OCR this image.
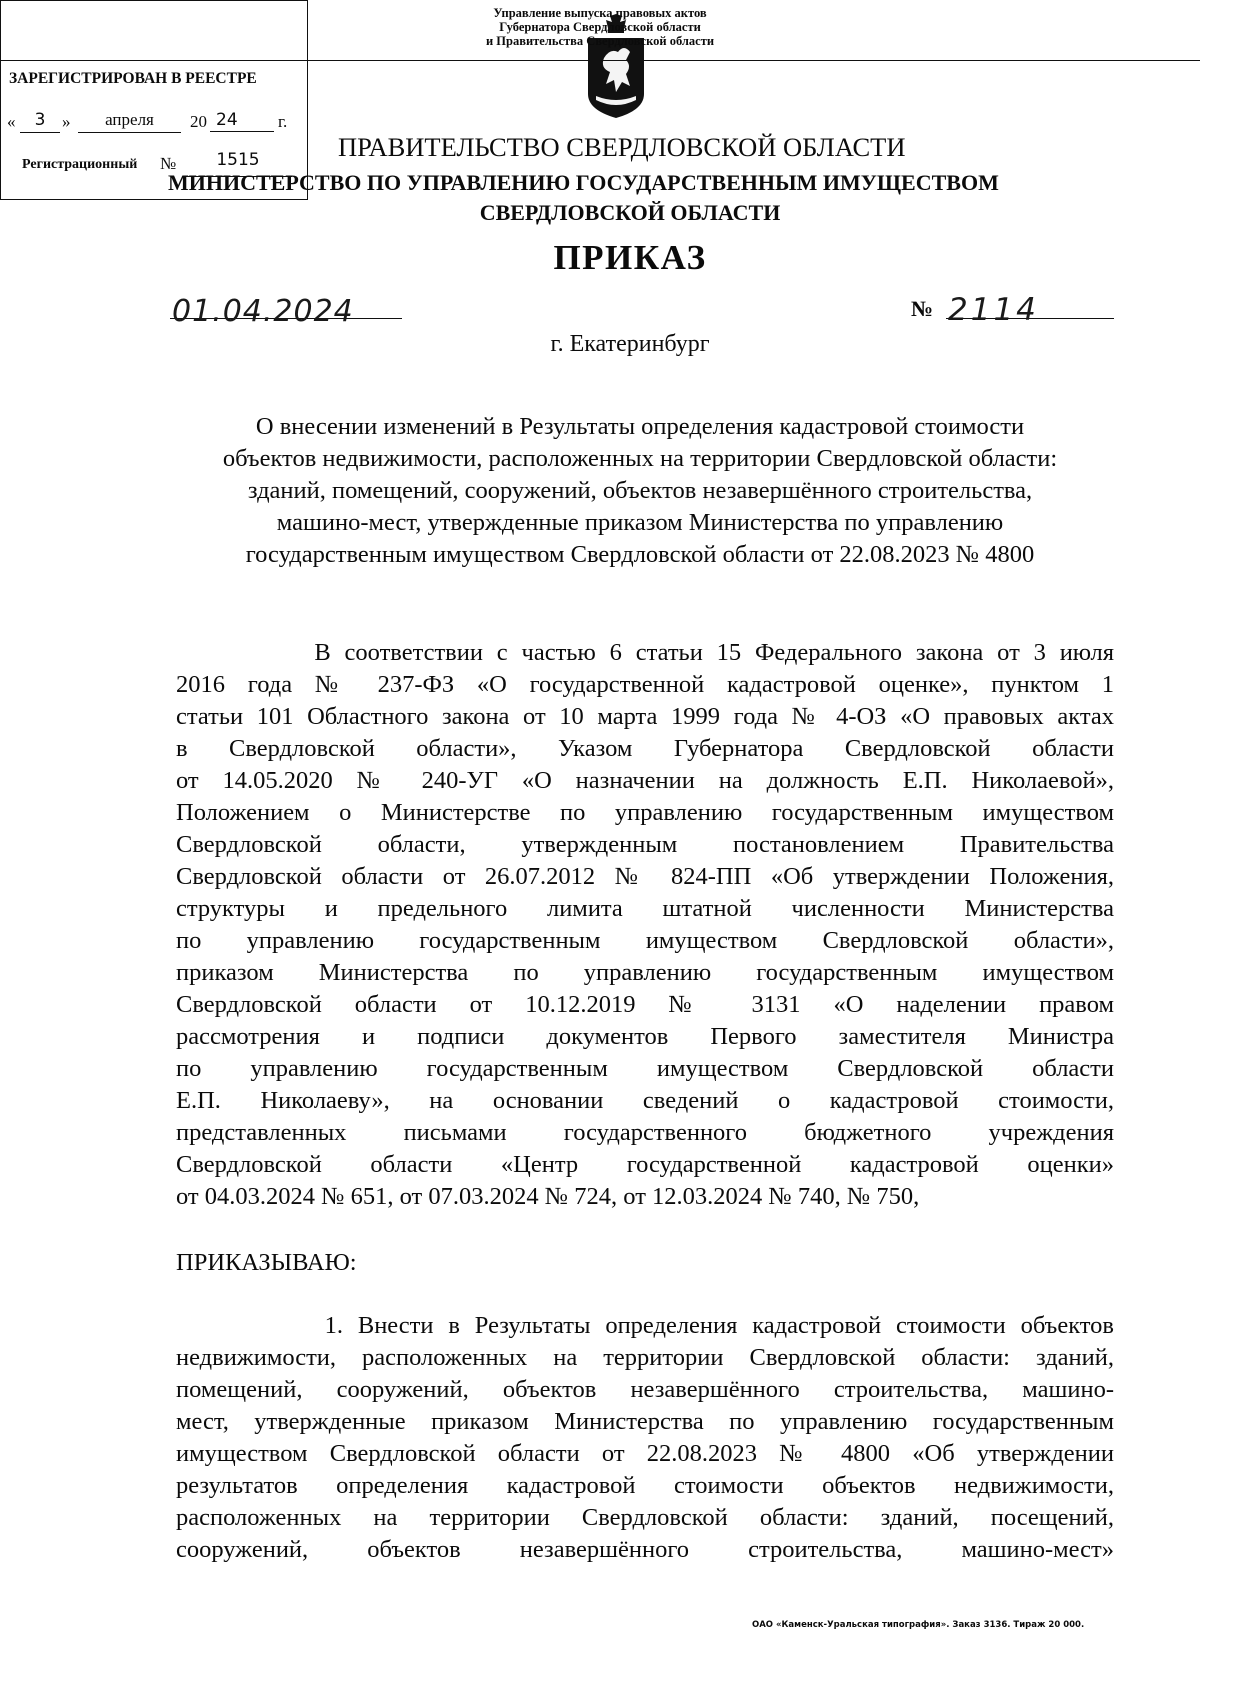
Управление выпуска правовых актов
Губернатора Свердловской области
и Правительства Свердловской области
ЗАРЕГИСТРИРОВАН В РЕЕСТРЕ
«	3 »	апреля	20 24	г.
Регистрационный №	1515	ПРАВИТЕЛЬСТВО СВЕРДЛОВСКОЙ ОБЛАСТИ
МИНИСТЕРСТВО ПО УПРАВЛЕНИЮ ГОСУДАРСТВЕННЫМ ИМУЩЕСТВОМ
СВЕРДЛОВСКОЙ ОБЛАСТИ
ПРИКАЗ
01.04.2024	№ 2114
г. Екатеринбург
О внесении изменений в Результаты определения кадастровой стоимости
объектов недвижимости, расположенных на территории Свердловской области:
зданий, помещений, сооружений, объектов незавершённого строительства,
машино-мест, утвержденные приказом Министерства по управлению
государственным имуществом Свердловской области от 22.08.2023 № 4800
В соответствии с частью 6 статьи 15 Федерального закона от 3 июля
2016 года № 237-ФЗ «О государственной кадастровой оценке», пунктом 1
статьи 101 Областного закона от 10 марта 1999 года № 4-ОЗ «О правовых актах
в Свердловской области», Указом Губернатора Свердловской области
от 14.05.2020 № 240-УГ «О назначении на должность Е.П. Николаевой»,
Положением о Министерстве по управлению государственным имуществом
Свердловской области, утвержденным постановлением Правительства
Свердловской области от 26.07.2012 № 824-ПП «Об утверждении Положения,
структуры и предельного лимита штатной численности Министерства
по управлению государственным имуществом Свердловской области»,
приказом Министерства по управлению государственным имуществом
Свердловской области от 10.12.2019 № 3131 «О наделении правом
рассмотрения и подписи документов Первого заместителя Министра
по управлению государственным имуществом Свердловской области
Е.П. Николаеву», на основании сведений о кадастровой стоимости,
представленных письмами государственного бюджетного учреждения
Свердловской области «Центр государственной кадастровой оценки»
от 04.03.2024 № 651, от 07.03.2024 № 724, от 12.03.2024 № 740, № 750,
ПРИКАЗЫВАЮ:
1. Внести в Результаты определения кадастровой стоимости объектов
недвижимости, расположенных на территории Свердловской области: зданий,
помещений, сооружений, объектов незавершённого строительства, машино-
мест, утвержденные приказом Министерства по управлению государственным
имуществом Свердловской области от 22.08.2023 № 4800 «Об утверждении
результатов определения кадастровой стоимости объектов недвижимости,
расположенных на территории Свердловской области: зданий, посещений,
сооружений, объектов незавершённого строительства, машино-мест»
ОАО «Каменск-Уральская типография». Заказ 3136. Тираж 20 000.
